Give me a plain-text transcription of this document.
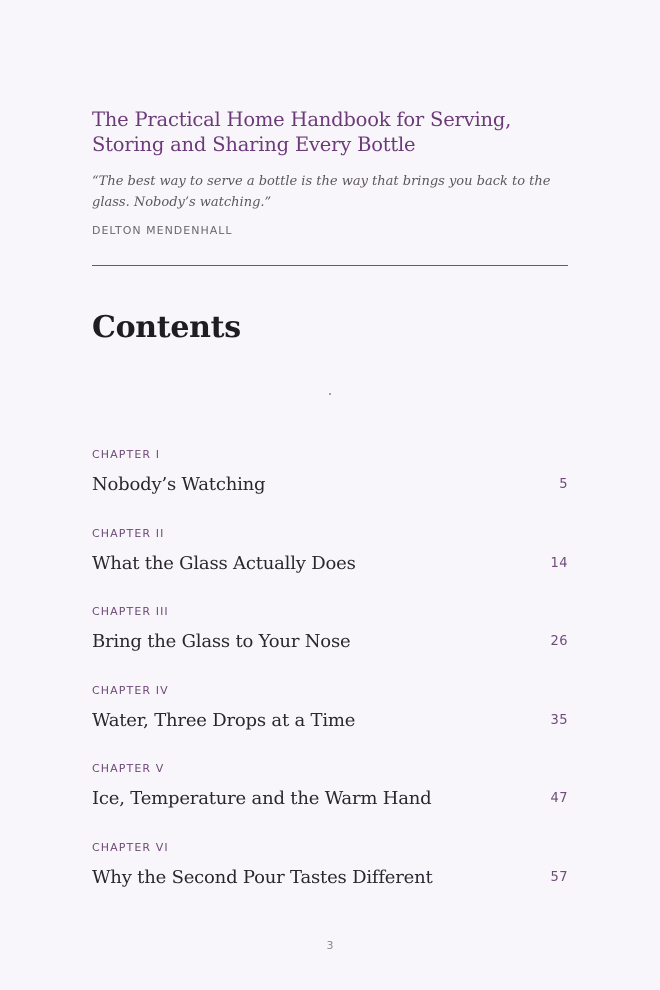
The Practical Home Handbook for Serving, Storing and Sharing Every Bottle
“The best way to serve a bottle is the way that brings you back to the glass. Nobody’s watching.”
DELTON MENDENHALL
Contents
CHAPTER I
Nobody’s Watching	5
CHAPTER II
What the Glass Actually Does	14
CHAPTER III
Bring the Glass to Your Nose	26
CHAPTER IV
Water, Three Drops at a Time	35
CHAPTER V
Ice, Temperature and the Warm Hand	47
CHAPTER VI
Why the Second Pour Tastes Different	57
3
